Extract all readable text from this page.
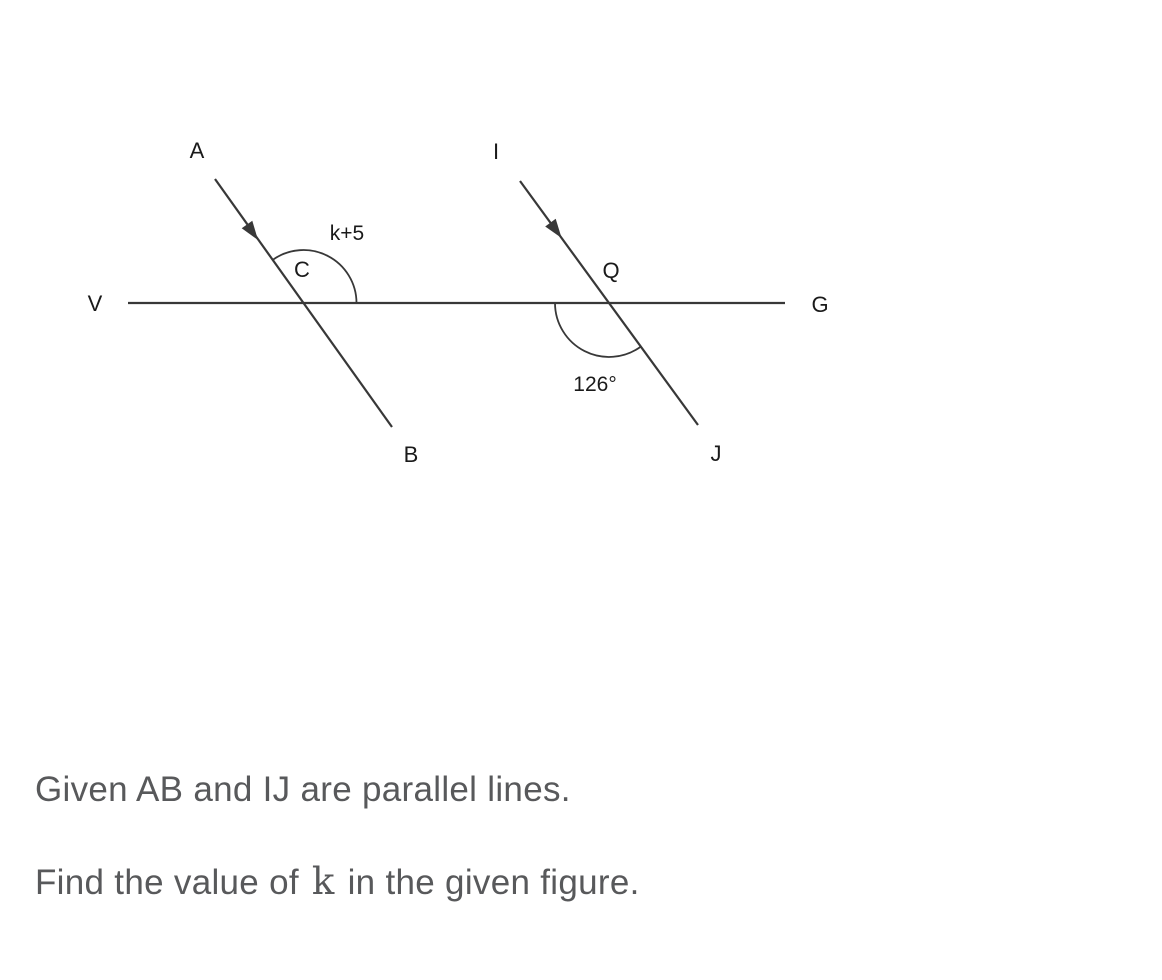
A	I
V	G
C	Q
B	J
k+5
126°

Given AB and IJ are parallel lines.

Find the value of k in the given figure.
